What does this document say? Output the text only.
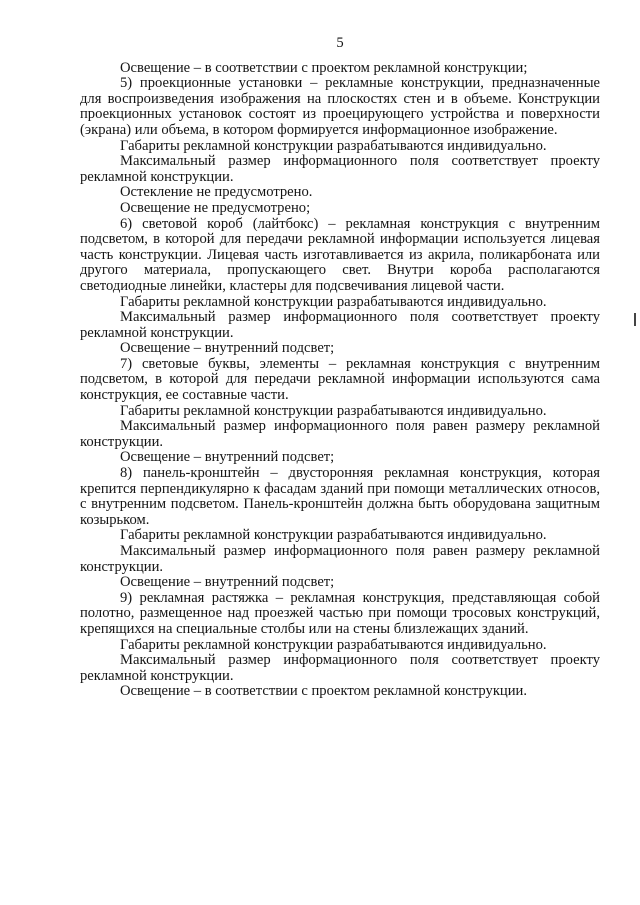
5

Освещение – в соответствии с проектом рекламной конструкции;

5) проекционные установки – рекламные конструкции, предназначенные для воспроизведения изображения на плоскостях стен и в объеме. Конструкции проекционных установок состоят из проецирующего устройства и поверхности (экрана) или объема, в котором формируется информационное изображение.

Габариты рекламной конструкции разрабатываются индивидуально.

Максимальный размер информационного поля соответствует проекту рекламной конструкции.

Остекление не предусмотрено.

Освещение не предусмотрено;

6) световой короб (лайтбокс) – рекламная конструкция с внутренним подсветом, в которой для передачи рекламной информации используется лицевая часть конструкции. Лицевая часть изготавливается из акрила, поликарбоната или другого материала, пропускающего свет. Внутри короба располагаются светодиодные линейки, кластеры для подсвечивания лицевой части.

Габариты рекламной конструкции разрабатываются индивидуально.

Максимальный размер информационного поля соответствует проекту рекламной конструкции.

Освещение – внутренний подсвет;

7) световые буквы, элементы – рекламная конструкция с внутренним подсветом, в которой для передачи рекламной информации используются сама конструкция, ее составные части.

Габариты рекламной конструкции разрабатываются индивидуально.

Максимальный размер информационного поля равен размеру рекламной конструкции.

Освещение – внутренний подсвет;

8) панель-кронштейн – двусторонняя рекламная конструкция, которая крепится перпендикулярно к фасадам зданий при помощи металлических относов, с внутренним подсветом. Панель-кронштейн должна быть оборудована защитным козырьком.

Габариты рекламной конструкции разрабатываются индивидуально.

Максимальный размер информационного поля равен размеру рекламной конструкции.

Освещение – внутренний подсвет;

9) рекламная растяжка – рекламная конструкция, представляющая собой полотно, размещенное над проезжей частью при помощи тросовых конструкций, крепящихся на специальные столбы или на стены близлежащих зданий.

Габариты рекламной конструкции разрабатываются индивидуально.

Максимальный размер информационного поля соответствует проекту рекламной конструкции.

Освещение – в соответствии с проектом рекламной конструкции.
